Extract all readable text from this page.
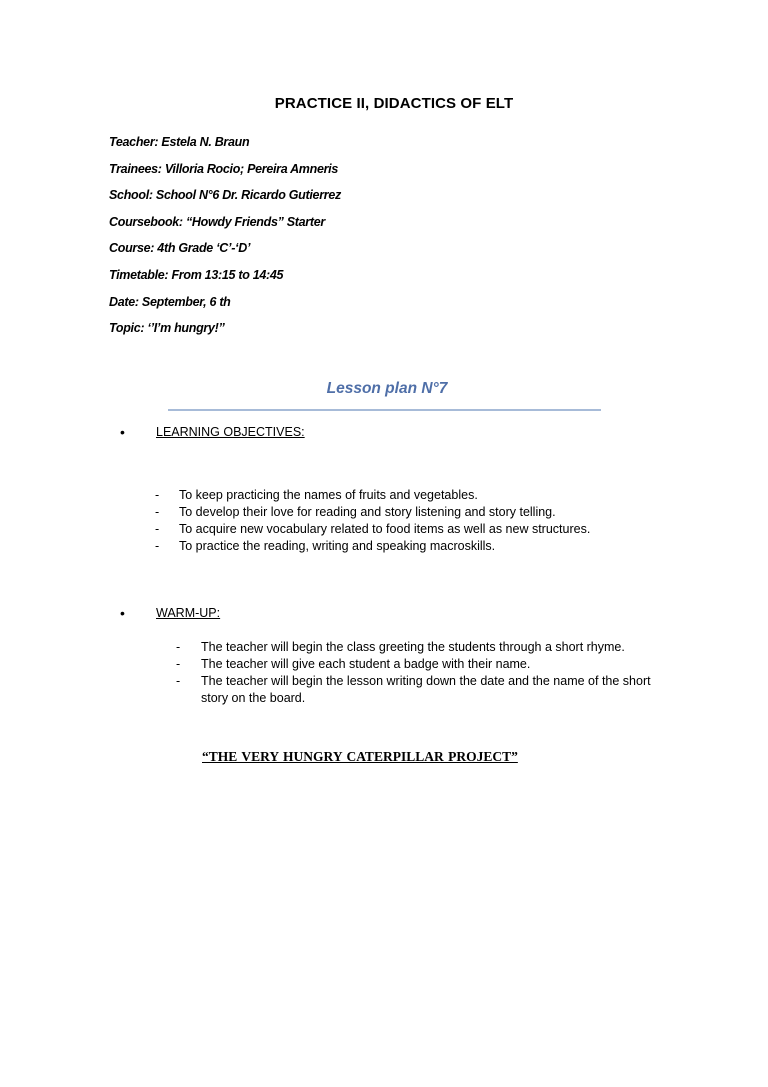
PRACTICE II, DIDACTICS OF ELT
Teacher: Estela N. Braun
Trainees: Villoria Rocio; Pereira Amneris
School: School N°6 Dr. Ricardo Gutierrez
Coursebook: “Howdy Friends” Starter
Course: 4th Grade ‘C’-‘D’
Timetable: From 13:15 to 14:45
Date: September, 6 th
Topic: ‘’I’m hungry!’’
Lesson plan N°7
• LEARNING OBJECTIVES:
- To keep practicing the names of fruits and vegetables.
- To develop their love for reading and story listening and story telling.
- To acquire new vocabulary related to food items as well as new structures.
- To practice the reading, writing and speaking macroskills.
• WARM-UP:
- The teacher will begin the class greeting the students through a short rhyme.
- The teacher will give each student a badge with their name.
- The teacher will begin the lesson writing down the date and the name of the short story on the board.
“THE VERY HUNGRY CATERPILLAR PROJECT”
